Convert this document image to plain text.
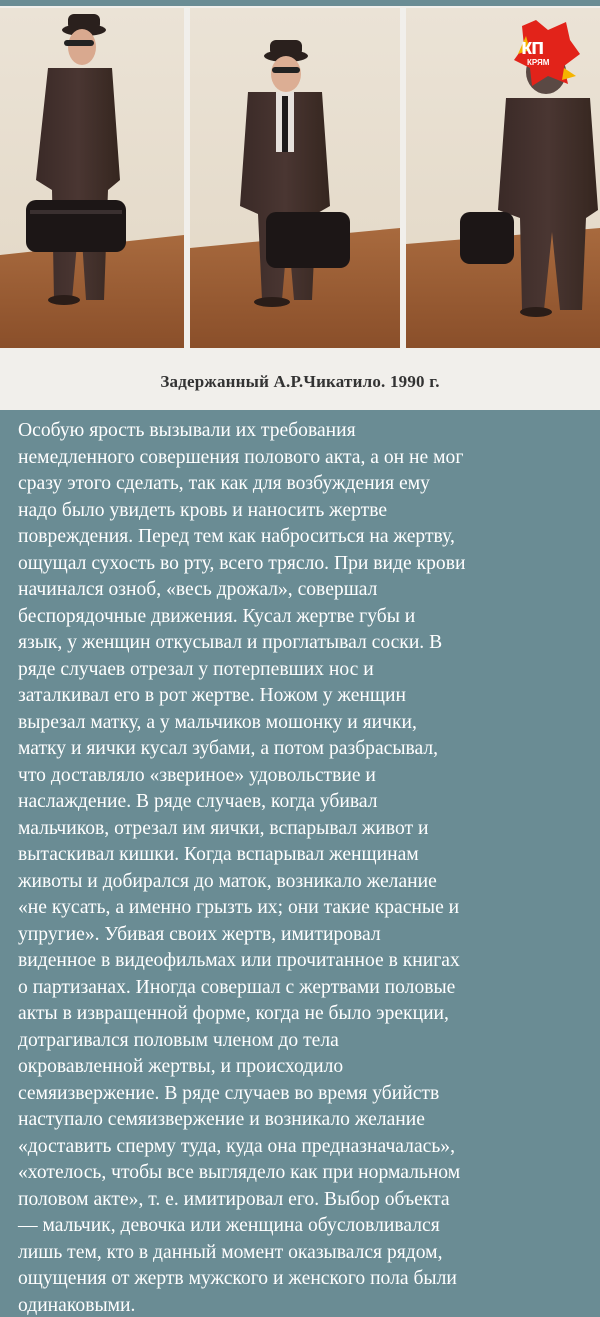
кп
КРЯМ
Задержанный А.Р.Чикатило. 1990 г.
Особую ярость вызывали их требования
немедленного совершения полового акта, а он не мог
сразу этого сделать, так как для возбуждения ему
надо было увидеть кровь и наносить жертве
повреждения. Перед тем как наброситься на жертву,
ощущал сухость во рту, всего трясло. При виде крови
начинался озноб, «весь дрожал», совершал
беспорядочные движения. Кусал жертве губы и
язык, у женщин откусывал и проглатывал соски. В
ряде случаев отрезал у потерпевших нос и
заталкивал его в рот жертве. Ножом у женщин
вырезал матку, а у мальчиков мошонку и яички,
матку и яички кусал зубами, а потом разбрасывал,
что доставляло «звериное» удовольствие и
наслаждение. В ряде случаев, когда убивал
мальчиков, отрезал им яички, вспарывал живот и
вытаскивал кишки. Когда вспарывал женщинам
животы и добирался до маток, возникало желание
«не кусать, а именно грызть их; они такие красные и
упругие». Убивая своих жертв, имитировал
виденное в видеофильмах или прочитанное в книгах
о партизанах. Иногда совершал с жертвами половые
акты в извращенной форме, когда не было эрекции,
дотрагивался половым членом до тела
окровавленной жертвы, и происходило
семяизвержение. В ряде случаев во время убийств
наступало семяизвержение и возникало желание
«доставить сперму туда, куда она предназначалась»,
«хотелось, чтобы все выглядело как при нормальном
половом акте», т. е. имитировал его. Выбор объекта
— мальчик, девочка или женщина обусловливался
лишь тем, кто в данный момент оказывался рядом,
ощущения от жертв мужского и женского пола были
одинаковыми.
